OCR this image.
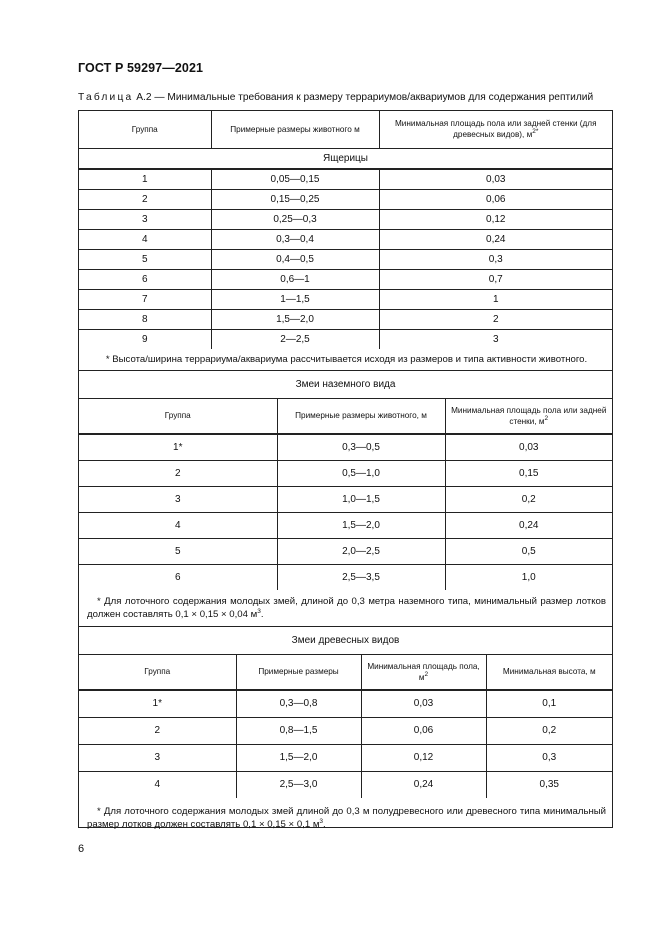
ГОСТ Р 59297—2021
Таблица А.2 — Минимальные требования к размеру террариумов/аквариумов для содержания рептилий
Группа	Примерные размеры животного м	Минимальная площадь пола или задней стенки (для древесных видов), $м^{2*}$
Ящерицы		
1	0,05—0,15	0,03
2	0,15—0,25	0,06
3	0,25—0,3	0,12
4	0,3—0,4	0,24
5	0,4—0,5	0,3
6	0,6—1	0,7
7	1—1,5	1
8	1,5—2,0	2
9	2—2,5	3
* Высота/ширина террариума/аквариума рассчитывается исходя из размеров и типа активности животного.		
Змеи наземного вида		
Группа	Примерные размеры животного, м	Минимальная площадь пола или задней стенки, $м^2$
1*	0,3—0,5	0,03
2	0,5—1,0	0,15
3	1,0—1,5	0,2
4	1,5—2,0	0,24
5	2,0—2,5	0,5
6	2,5—3,5	1,0
* Для лоточного содержания молодых змей, длиной до 0,3 метра наземного типа, минимальный размер лотков должен составлять 0,1 × 0,15 × 0,04 $м^3$.		
Змеи древесных видов			
Группа	Примерные размеры	Минимальная площадь пола, $м^2$	Минимальная высота, м
1*	0,3—0,8	0,03	0,1
2	0,8—1,5	0,06	0,2
3	1,5—2,0	0,12	0,3
4	2,5—3,0	0,24	0,35
* Для лоточного содержания молодых змей длиной до 0,3 м полудревесного или древесного типа минимальный размер лотков должен составлять 0,1 × 0,15 × 0,1 $м^3$.			
6
